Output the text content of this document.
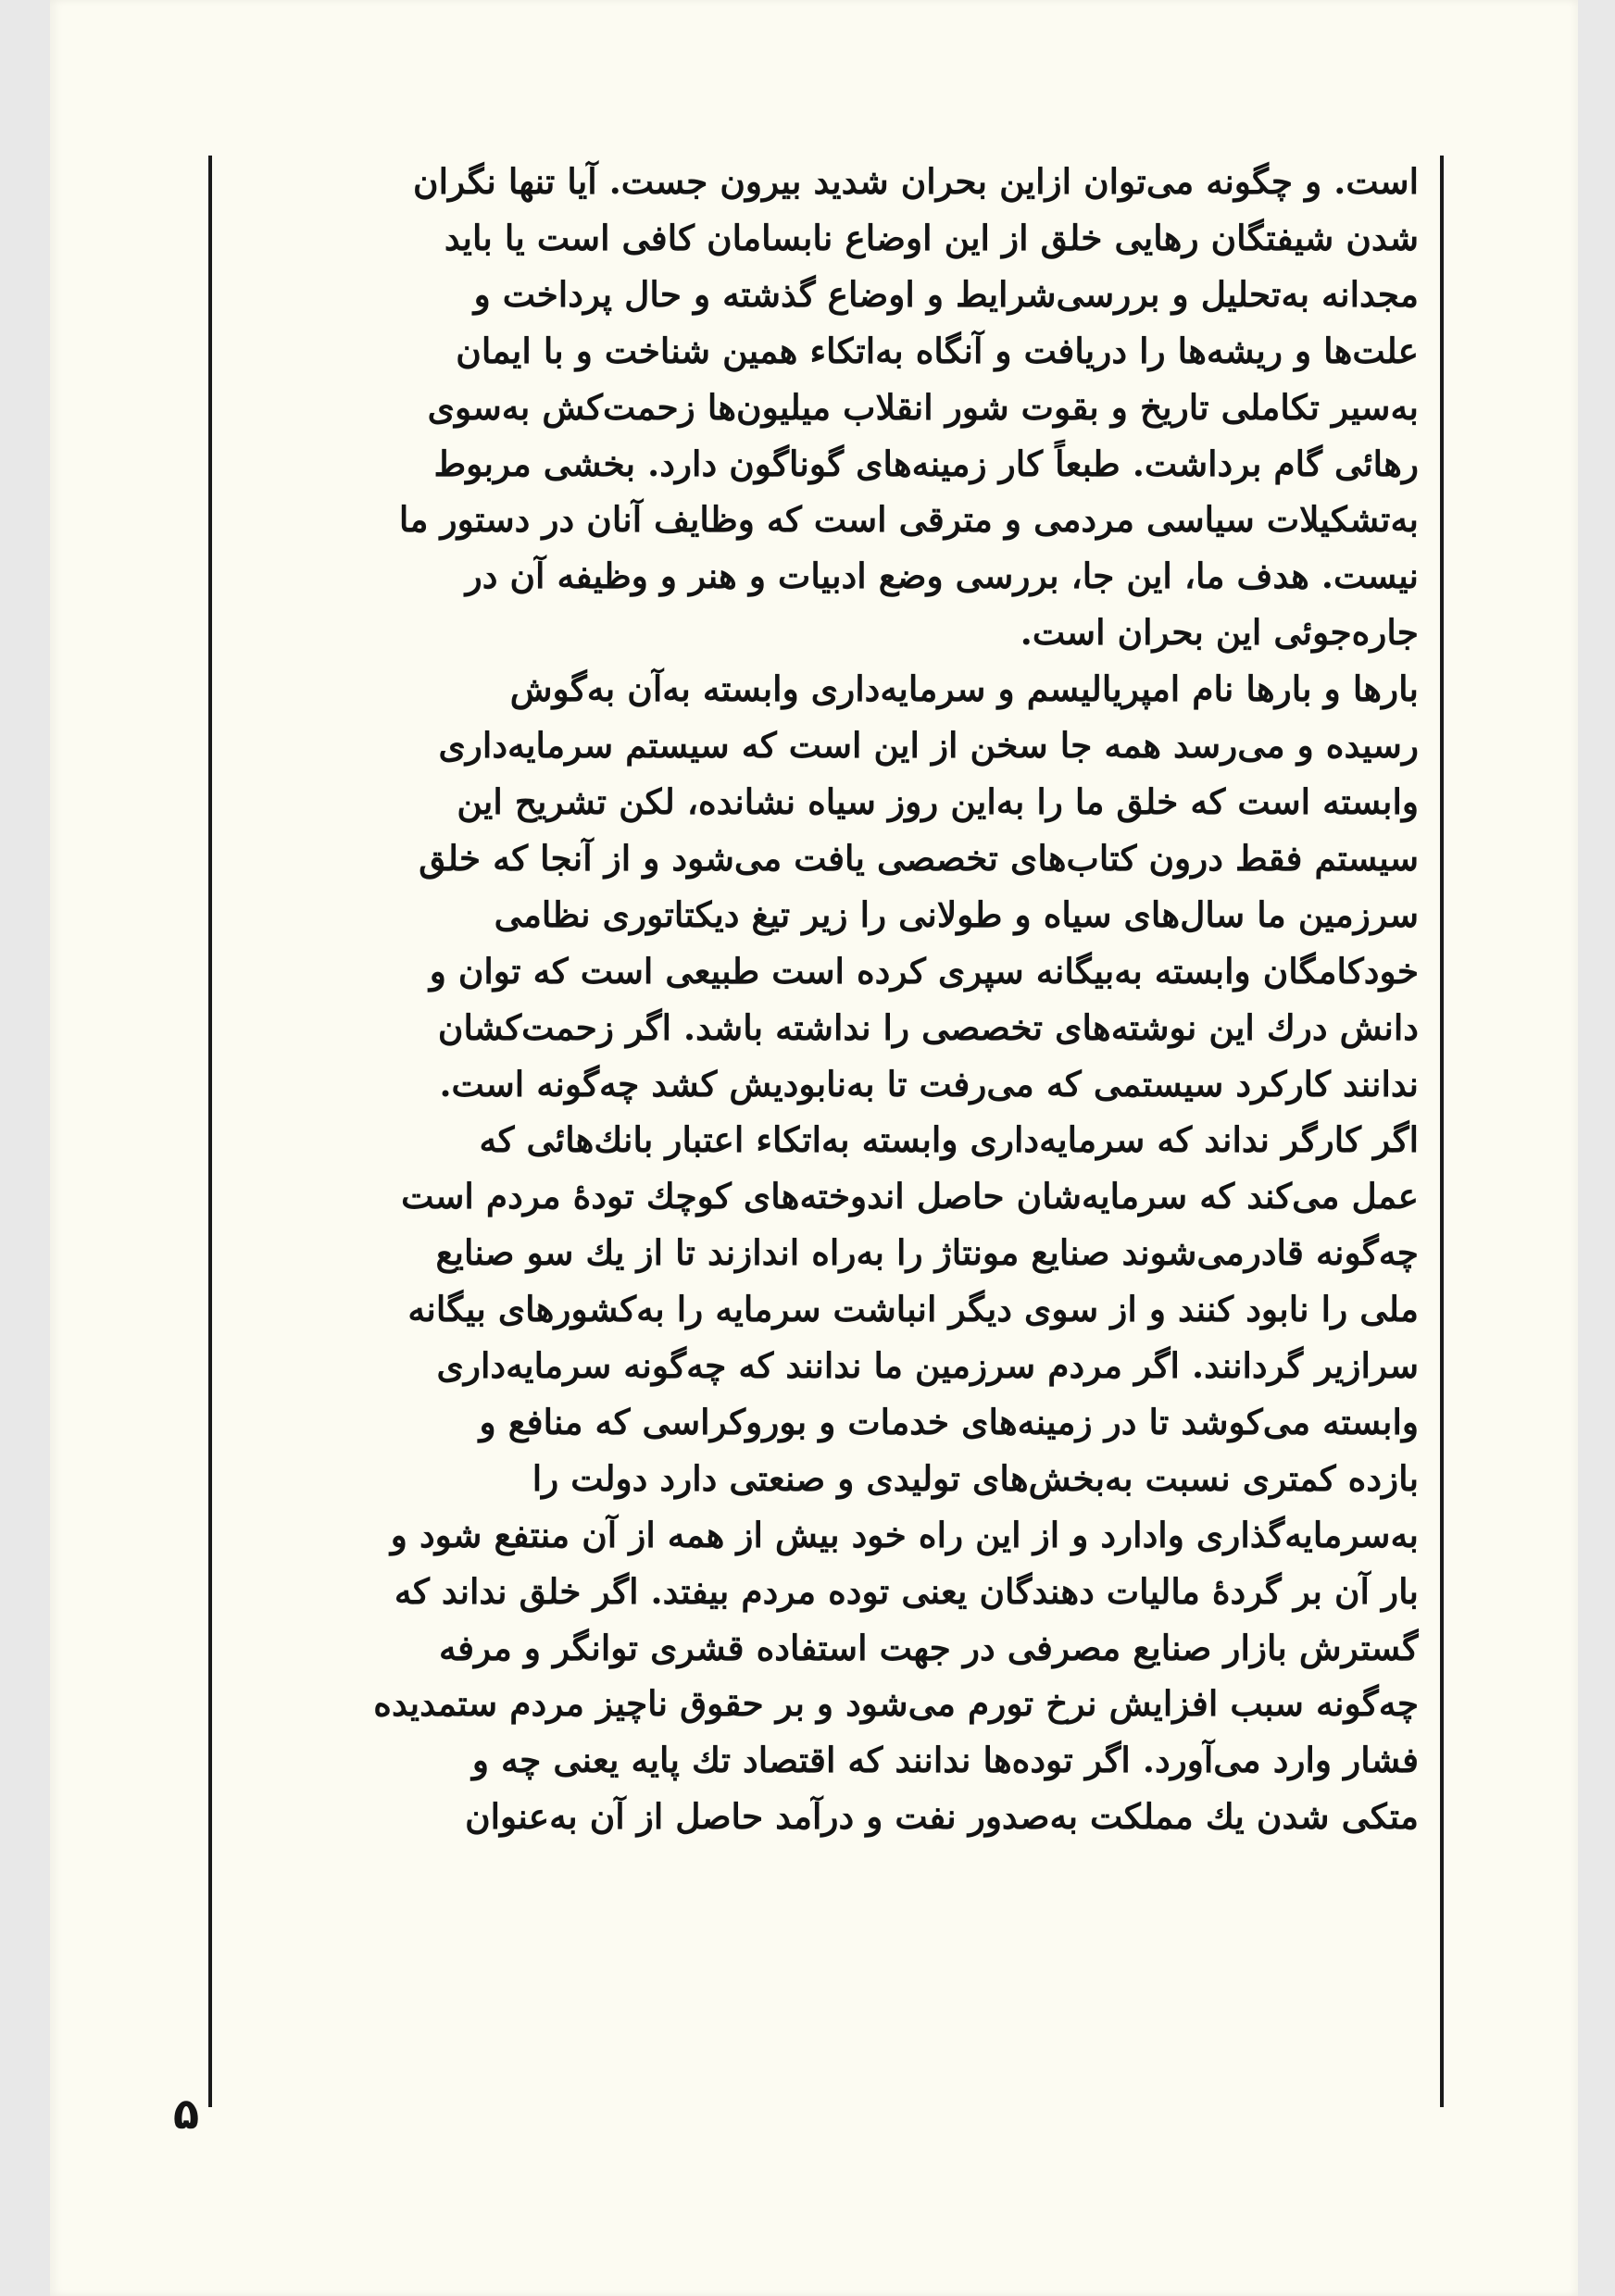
است. و چگونه می‌توان ازاین بحران شدید بیرون جست. آیا تنها نگران
شدن شیفتگان رهایی خلق از این اوضاع نابسامان کافی است یا باید
مجدانه به‌تحلیل و بررسی‌شرایط و اوضاع گذشته و حال پرداخت و
علت‌ها و ریشه‌ها را دریافت و آنگاه به‌اتکاء همین شناخت و با ایمان
به‌سیر تکاملی تاریخ و بقوت شور انقلاب میلیون‌ها زحمت‌کش به‌سوی
رهائی گام برداشت. طبعاً کار زمینه‌های گوناگون دارد. بخشی مربوط
به‌تشکیلات سیاسی مردمی و مترقی است که وظایف آنان در دستور ما
نیست. هدف ما، این جا، بررسی وضع ادبیات و هنر و وظیفه آن در
جاره‌جوئی این بحران است.
بارها و بارها نام امپریالیسم و سرمایه‌داری وابسته به‌آن به‌گوش
رسیده و می‌رسد همه جا سخن از این است که سیستم سرمایه‌داری
وابسته است که خلق ما را به‌این روز سیاه نشانده، لکن تشریح این
سیستم فقط درون کتاب‌های تخصصی یافت می‌شود و از آنجا که خلق
سرزمین ما سال‌های سیاه و طولانی را زیر تیغ دیکتاتوری نظامی
خودکامگان وابسته به‌بیگانه سپری کرده است طبیعی است که توان و
دانش درك این نوشته‌های تخصصی را نداشته باشد. اگر زحمت‌کشان
ندانند کارکرد سیستمی که می‌رفت تا به‌نابودیش کشد چه‌گونه است.
اگر کارگر نداند که سرمایه‌داری وابسته به‌اتکاء اعتبار بانك‌هائی که
عمل می‌کند که سرمایه‌شان حاصل اندوخته‌های کوچك تودهٔ مردم است
چه‌گونه قادرمی‌شوند صنایع مونتاژ را به‌راه اندازند تا از یك سو صنایع
ملی را نابود کنند و از سوی دیگر انباشت سرمایه را به‌کشورهای بیگانه
سرازیر گردانند. اگر مردم سرزمین ما ندانند که چه‌گونه سرمایه‌داری
وابسته می‌کوشد تا در زمینه‌های خدمات و بوروکراسی که منافع و
بازده کمتری نسبت به‌بخش‌های تولیدی و صنعتی دارد دولت را
به‌سرمایه‌گذاری وادارد و از این راه خود بیش از همه از آن منتفع شود و
بار آن بر گردهٔ مالیات دهندگان یعنی توده مردم بیفتد. اگر خلق نداند که
گسترش بازار صنایع مصرفی در جهت استفاده قشری توانگر و مرفه
چه‌گونه سبب افزایش نرخ تورم می‌شود و بر حقوق ناچیز مردم ستمدیده
فشار وارد می‌آورد. اگر توده‌ها ندانند که اقتصاد تك پایه یعنی چه و
متکی شدن یك مملکت به‌صدور نفت و درآمد حاصل از آن به‌عنوان
۵
